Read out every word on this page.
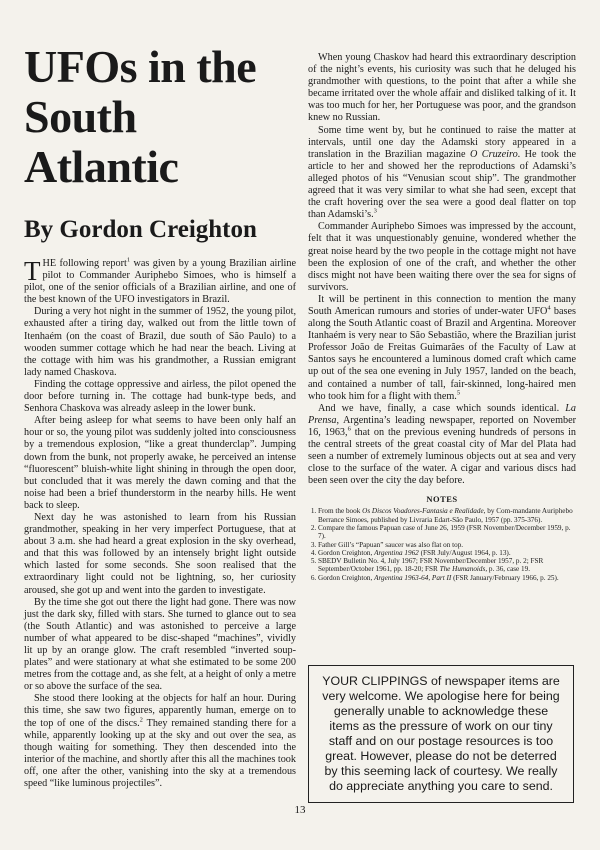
UFOs in the South Atlantic
By Gordon Creighton

THE following report$^1$ was given by a young Brazilian airline pilot to Commander Auriphebo Simoes, who is himself a pilot, one of the senior officials of a Brazilian airline, and one of the best known of the UFO investigators in Brazil.

During a very hot night in the summer of 1952, the young pilot, exhausted after a tiring day, walked out from the little town of Itenhaém (on the coast of Brazil, due south of São Paulo) to a wooden summer cottage which he had near the beach. Living at the cottage with him was his grandmother, a Russian emigrant lady named Chaskova.

Finding the cottage oppressive and airless, the pilot opened the door before turning in. The cottage had bunk-type beds, and Senhora Chaskova was already asleep in the lower bunk.

After being asleep for what seems to have been only half an hour or so, the young pilot was suddenly jolted into consciousness by a tremendous explosion, “like a great thunderclap”. Jumping down from the bunk, not properly awake, he perceived an intense “fluorescent” bluish-white light shining in through the open door, but concluded that it was merely the dawn coming and that the noise had been a brief thunderstorm in the nearby hills. He went back to sleep.

Next day he was astonished to learn from his Russian grandmother, speaking in her very imperfect Portuguese, that at about 3 a.m. she had heard a great explosion in the sky overhead, and that this was followed by an intensely bright light outside which lasted for some seconds. She soon realised that the extraordinary light could not be lightning, so, her curiosity aroused, she got up and went into the garden to investigate.

By the time she got out there the light had gone. There was now just the dark sky, filled with stars. She turned to glance out to sea (the South Atlantic) and was astonished to perceive a large number of what appeared to be disc-shaped “machines”, vividly lit up by an orange glow. The craft resembled “inverted soup-plates” and were stationary at what she estimated to be some 200 metres from the cottage and, as she felt, at a height of only a metre or so above the surface of the sea.

She stood there looking at the objects for half an hour. During this time, she saw two figures, apparently human, emerge on to the top of one of the discs.$^2$ They remained standing there for a while, apparently looking up at the sky and out over the sea, as though waiting for something. They then descended into the interior of the machine, and shortly after this all the machines took off, one after the other, vanishing into the sky at a tremendous speed “like luminous projectiles”.

When young Chaskov had heard this extraordinary description of the night’s events, his curiosity was such that he deluged his grandmother with questions, to the point that after a while she became irritated over the whole affair and disliked talking of it. It was too much for her, her Portuguese was poor, and the grandson knew no Russian.

Some time went by, but he continued to raise the matter at intervals, until one day the Adamski story appeared in a translation in the Brazilian magazine O Cruzeiro. He took the article to her and showed her the reproductions of Adamski’s alleged photos of his “Venusian scout ship”. The grandmother agreed that it was very similar to what she had seen, except that the craft hovering over the sea were a good deal flatter on top than Adamski’s.$^3$

Commander Auriphebo Simoes was impressed by the account, felt that it was unquestionably genuine, wondered whether the great noise heard by the two people in the cottage might not have been the explosion of one of the craft, and whether the other discs might not have been waiting there over the sea for signs of survivors.

It will be pertinent in this connection to mention the many South American rumours and stories of under-water UFO$^4$ bases along the South Atlantic coast of Brazil and Argentina. Moreover Itanhaém is very near to São Sebastião, where the Brazilian jurist Professor João de Freitas Guimarães of the Faculty of Law at Santos says he encountered a luminous domed craft which came up out of the sea one evening in July 1957, landed on the beach, and contained a number of tall, fair-skinned, long-haired men who took him for a flight with them.$^5$

And we have, finally, a case which sounds identical. La Prensa, Argentina’s leading newspaper, reported on November 16, 1963,$^6$ that on the previous evening hundreds of persons in the central streets of the great coastal city of Mar del Plata had seen a number of extremely luminous objects out at sea and very close to the surface of the water. A cigar and various discs had been seen over the city the day before.

NOTES
1. From the book Os Discos Voadores-Fantasia e Realidade, by Com-mandante Auriphebo Berrance Simoes, published by Livraria Edart-São Paulo, 1957 (pp. 375-376).
2. Compare the famous Papuan case of June 26, 1959 (FSR November/December 1959, p. 7).
3. Father Gill’s “Papuan” saucer was also flat on top.
4. Gordon Creighton, Argentina 1962 (FSR July/August 1964, p. 13).
5. SBEDV Bulletin No. 4, July 1967; FSR November/December 1957, p. 2; FSR September/October 1961, pp. 18-20; FSR The Humanoids, p. 36, case 19.
6. Gordon Creighton, Argentina 1963-64, Part II (FSR January/February 1966, p. 25).
YOUR CLIPPINGS of newspaper items are very welcome. We apologise here for being generally unable to acknowledge these items as the pressure of work on our tiny staff and on our postage resources is too great. However, please do not be deterred by this seeming lack of courtesy. We really do appreciate anything you care to send.
13
